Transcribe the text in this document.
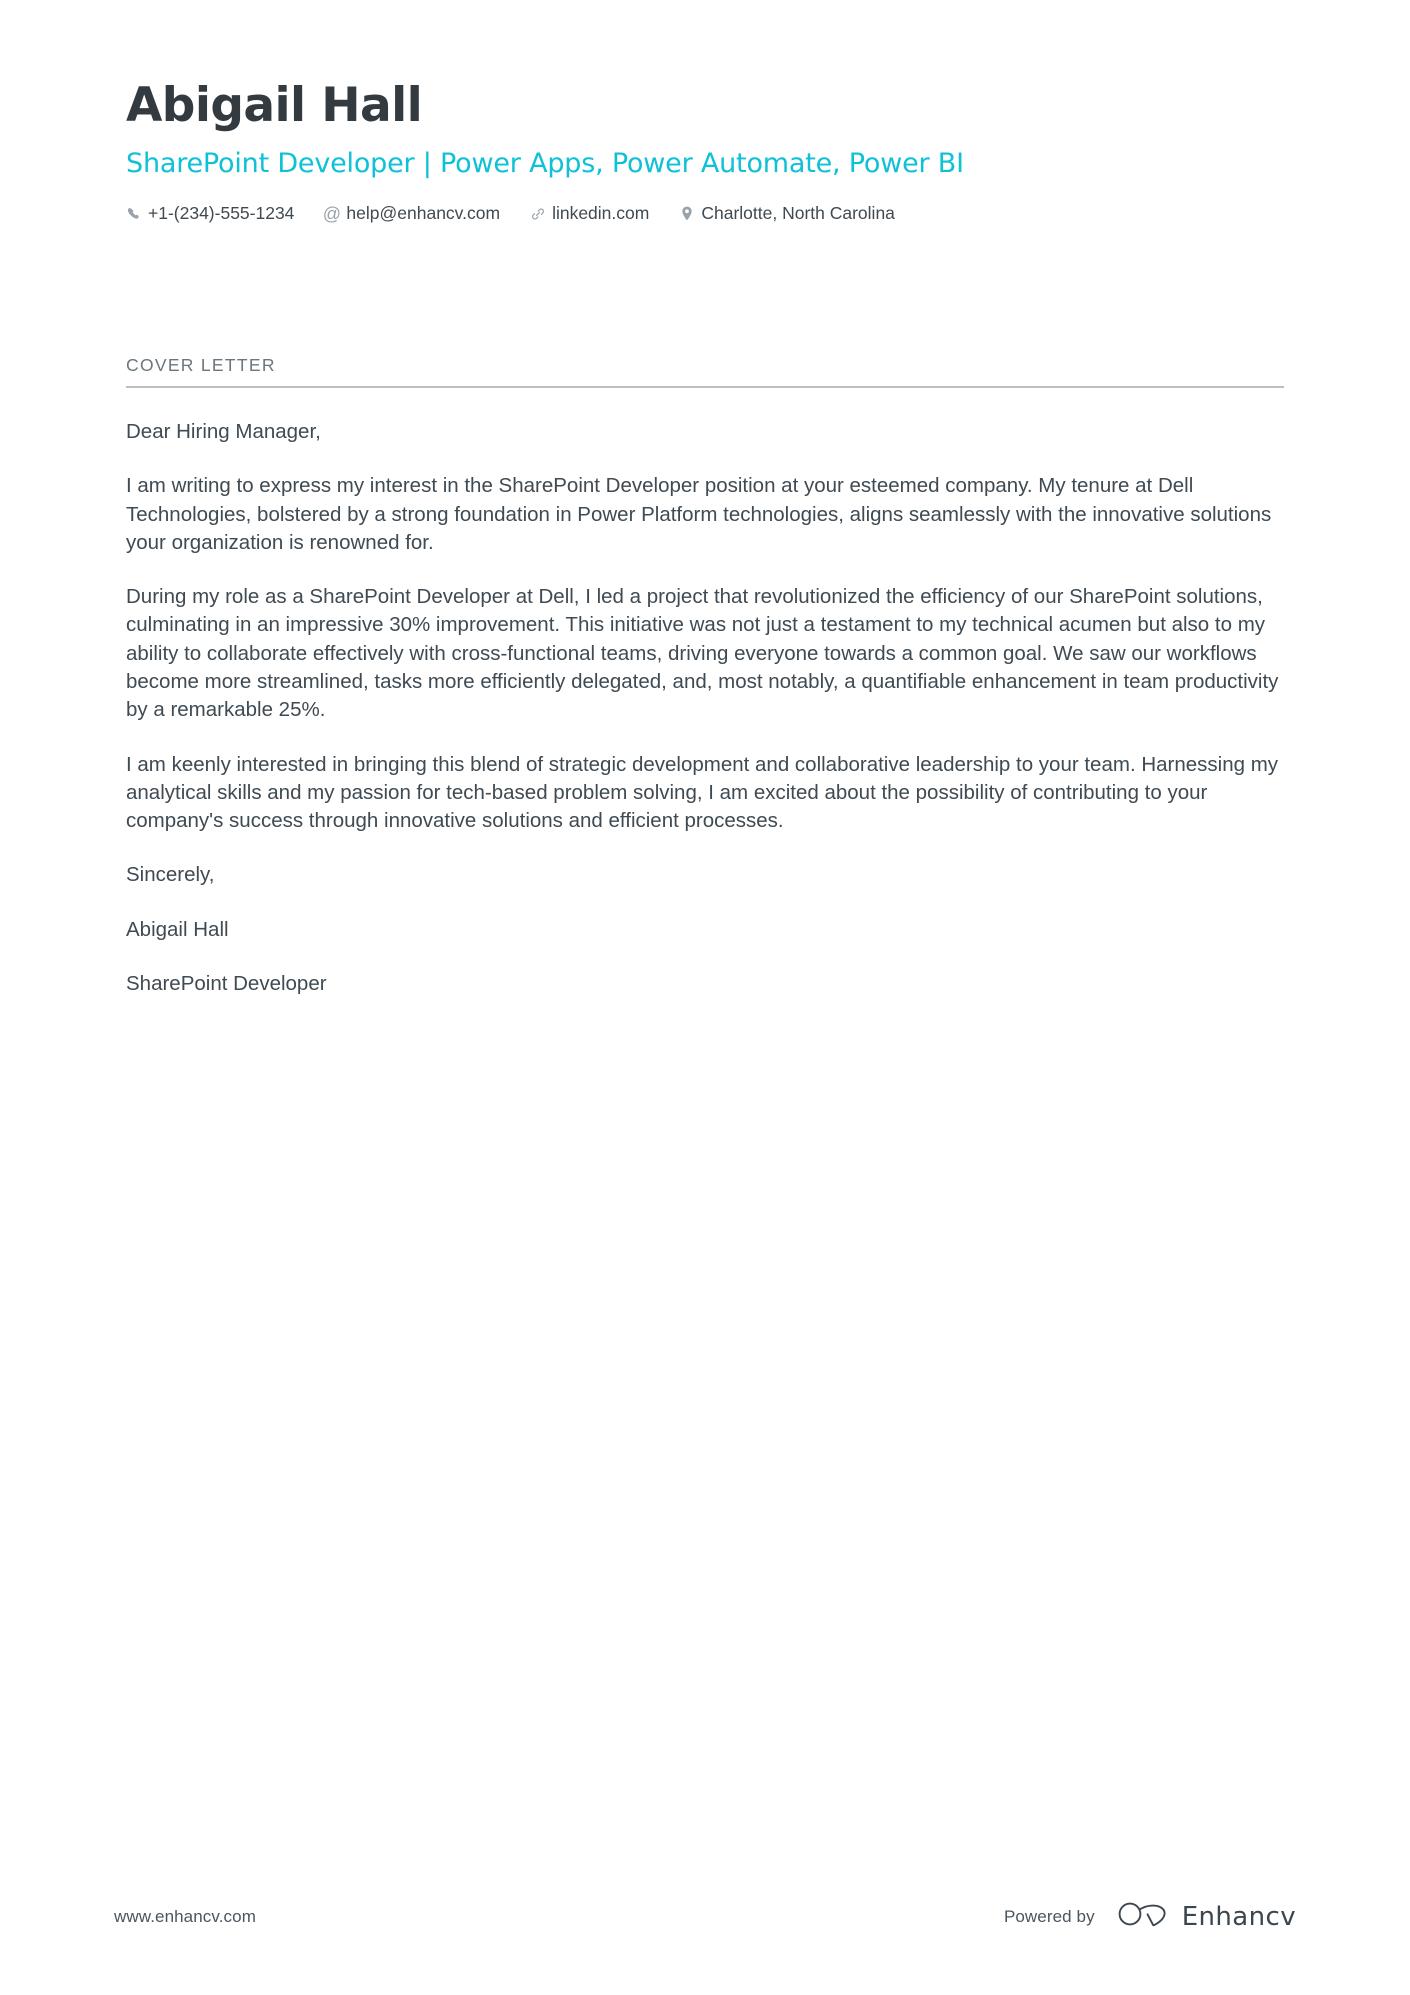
Abigail Hall
SharePoint Developer | Power Apps, Power Automate, Power BI
+1-(234)-555-1234 @ help@enhancv.com	linkedin.com	Charlotte, North Carolina
COVER LETTER

Dear Hiring Manager,

I am writing to express my interest in the SharePoint Developer position at your esteemed company. My tenure at Dell Technologies, bolstered by a strong foundation in Power Platform technologies, aligns seamlessly with the innovative solutions your organization is renowned for.

During my role as a SharePoint Developer at Dell, I led a project that revolutionized the efficiency of our SharePoint solutions, culminating in an impressive 30% improvement. This initiative was not just a testament to my technical acumen but also to my ability to collaborate effectively with cross-functional teams, driving everyone towards a common goal. We saw our workflows become more streamlined, tasks more efficiently delegated, and, most notably, a quantifiable enhancement in team productivity by a remarkable 25%.

I am keenly interested in bringing this blend of strategic development and collaborative leadership to your team. Harnessing my analytical skills and my passion for tech-based problem solving, I am excited about the possibility of contributing to your company's success through innovative solutions and efficient processes.

Sincerely,

Abigail Hall

SharePoint Developer

www.enhancv.com	Powered by	Enhancv
